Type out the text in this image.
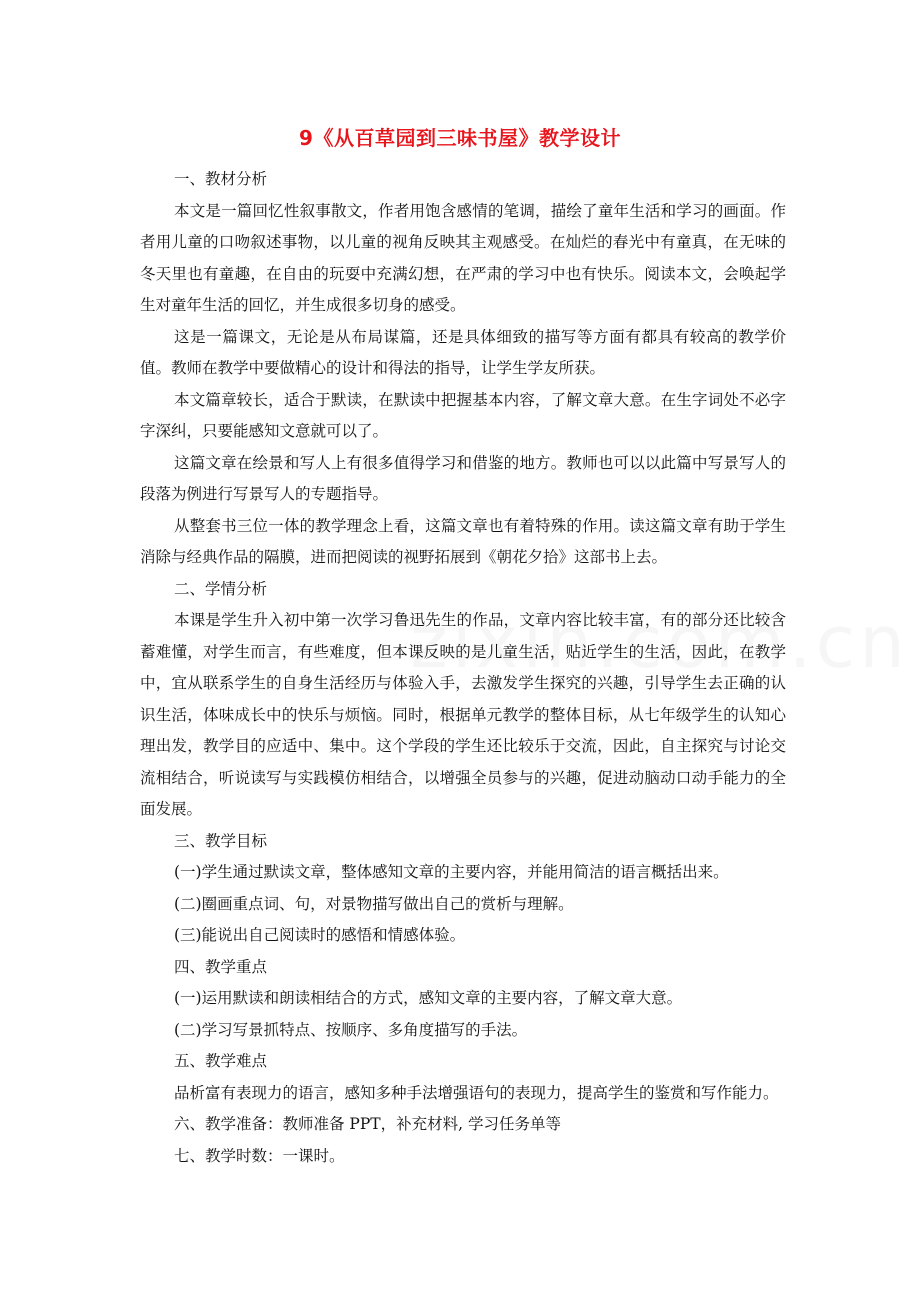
9《从百草园到三味书屋》教学设计

一、教材分析

本文是一篇回忆性叙事散文，作者用饱含感情的笔调，描绘了童年生活和学习的画面。作者用儿童的口吻叙述事物，以儿童的视角反映其主观感受。在灿烂的春光中有童真，在无味的冬天里也有童趣，在自由的玩耍中充满幻想，在严肃的学习中也有快乐。阅读本文，会唤起学生对童年生活的回忆，并生成很多切身的感受。

这是一篇课文，无论是从布局谋篇，还是具体细致的描写等方面有都具有较高的教学价值。教师在教学中要做精心的设计和得法的指导，让学生学友所获。

本文篇章较长，适合于默读，在默读中把握基本内容，了解文章大意。在生字词处不必字字深纠，只要能感知文意就可以了。

这篇文章在绘景和写人上有很多值得学习和借鉴的地方。教师也可以以此篇中写景写人的段落为例进行写景写人的专题指导。

从整套书三位一体的教学理念上看，这篇文章也有着特殊的作用。读这篇文章有助于学生消除与经典作品的隔膜，进而把阅读的视野拓展到《朝花夕拾》这部书上去。

二、学情分析

本课是学生升入初中第一次学习鲁迅先生的作品，文章内容比较丰富，有的部分还比较含蓄难懂，对学生而言，有些难度，但本课反映的是儿童生活，贴近学生的生活，因此，在教学中，宜从联系学生的自身生活经历与体验入手，去激发学生探究的兴趣，引导学生去正确的认识生活，体味成长中的快乐与烦恼。同时，根据单元教学的整体目标，从七年级学生的认知心理出发，教学目的应适中、集中。这个学段的学生还比较乐于交流，因此，自主探究与讨论交流相结合，听说读写与实践模仿相结合，以增强全员参与的兴趣，促进动脑动口动手能力的全面发展。

三、教学目标

(一)学生通过默读文章，整体感知文章的主要内容，并能用简洁的语言概括出来。

(二)圈画重点词、句，对景物描写做出自己的赏析与理解。

(三)能说出自己阅读时的感悟和情感体验。

四、教学重点

(一)运用默读和朗读相结合的方式，感知文章的主要内容，了解文章大意。

(二)学习写景抓特点、按顺序、多角度描写的手法。

五、教学难点

品析富有表现力的语言，感知多种手法增强语句的表现力，提高学生的鉴赏和写作能力。

六、教学准备：教师准备 PPT，补充材料, 学习任务单等

七、教学时数：一课时。
